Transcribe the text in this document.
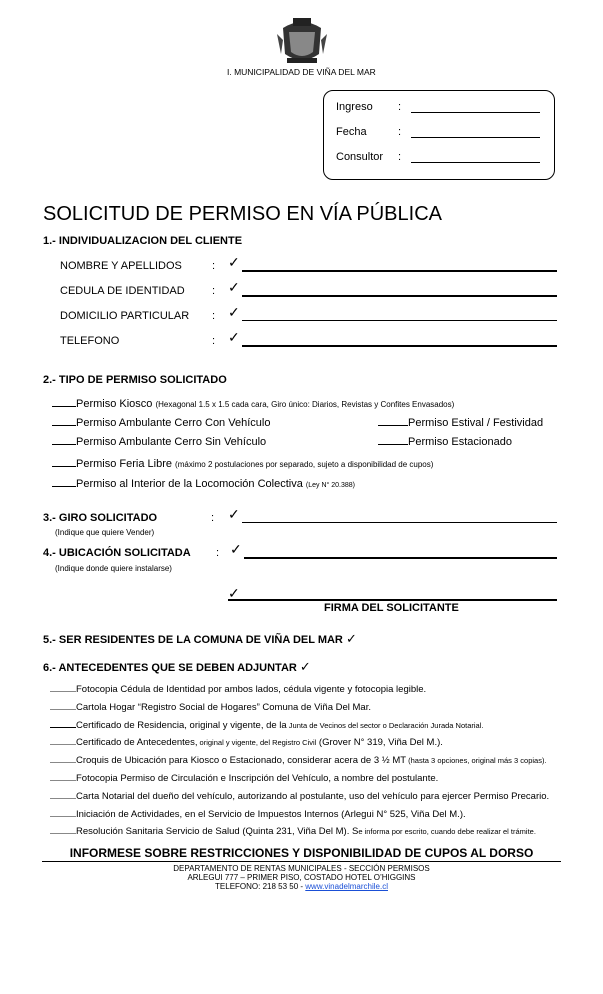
I. MUNICIPALIDAD DE VIÑA DEL MAR
Ingreso :
Fecha	:
Consultor :
SOLICITUD DE PERMISO EN VÍA PÚBLICA
1.- INDIVIDUALIZACION DEL CLIENTE
NOMBRE Y APELLIDOS	: ✓
CEDULA DE IDENTIDAD : ✓
DOMICILIO PARTICULAR : ✓
TELEFONO	: ✓
2.- TIPO DE PERMISO SOLICITADO
Permiso Kiosco (Hexagonal 1.5 x 1.5 cada cara, Giro único: Diarios, Revistas y Confites Envasados)
Permiso Ambulante Cerro Con Vehículo	Permiso Estival / Festividad
Permiso Ambulante Cerro Sin Vehículo	Permiso Estacionado
Permiso Feria Libre (máximo 2 postulaciones por separado, sujeto a disponibilidad de cupos)
Permiso al Interior de la Locomoción Colectiva (Ley N° 20.388)
3.- GIRO SOLICITADO
(Indique que quiere Vender)
: ✓
4.- UBICACIÓN SOLICITADA
(Indique donde quiere instalarse)
: ✓
✓
FIRMA DEL SOLICITANTE
5.- SER RESIDENTES DE LA COMUNA DE VIÑA DEL MAR ✓
6.- ANTECEDENTES QUE SE DEBEN ADJUNTAR ✓
Fotocopia Cédula de Identidad por ambos lados, cédula vigente y fotocopia legible.
Cartola Hogar “Registro Social de Hogares” Comuna de Viña Del Mar.
Certificado de Residencia, original y vigente, de la Junta de Vecinos del sector o Declaración Jurada Notarial.
Certificado de Antecedentes, original y vigente, del Registro Civil (Grover N° 319, Viña Del M.).
Croquis de Ubicación para Kiosco o Estacionado, considerar acera de 3 ½ MT (hasta 3 opciones, original más 3 copias).
Fotocopia Permiso de Circulación e Inscripción del Vehículo, a nombre del postulante.
Carta Notarial del dueño del vehículo, autorizando al postulante, uso del vehículo para ejercer Permiso Precario.
Iniciación de Actividades, en el Servicio de Impuestos Internos (Arlegui N° 525, Viña Del M.).
Resolución Sanitaria Servicio de Salud (Quinta 231, Viña Del M). Se informa por escrito, cuando debe realizar el trámite.
INFORMESE SOBRE RESTRICCIONES Y DISPONIBILIDAD DE CUPOS AL DORSO
DEPARTAMENTO DE RENTAS MUNICIPALES - SECCIÓN PERMISOS
ARLEGUI 777 – PRIMER PISO, COSTADO HOTEL O’HIGGINS
TELEFONO: 218 53 50 - www.vinadelmarchile.cl
